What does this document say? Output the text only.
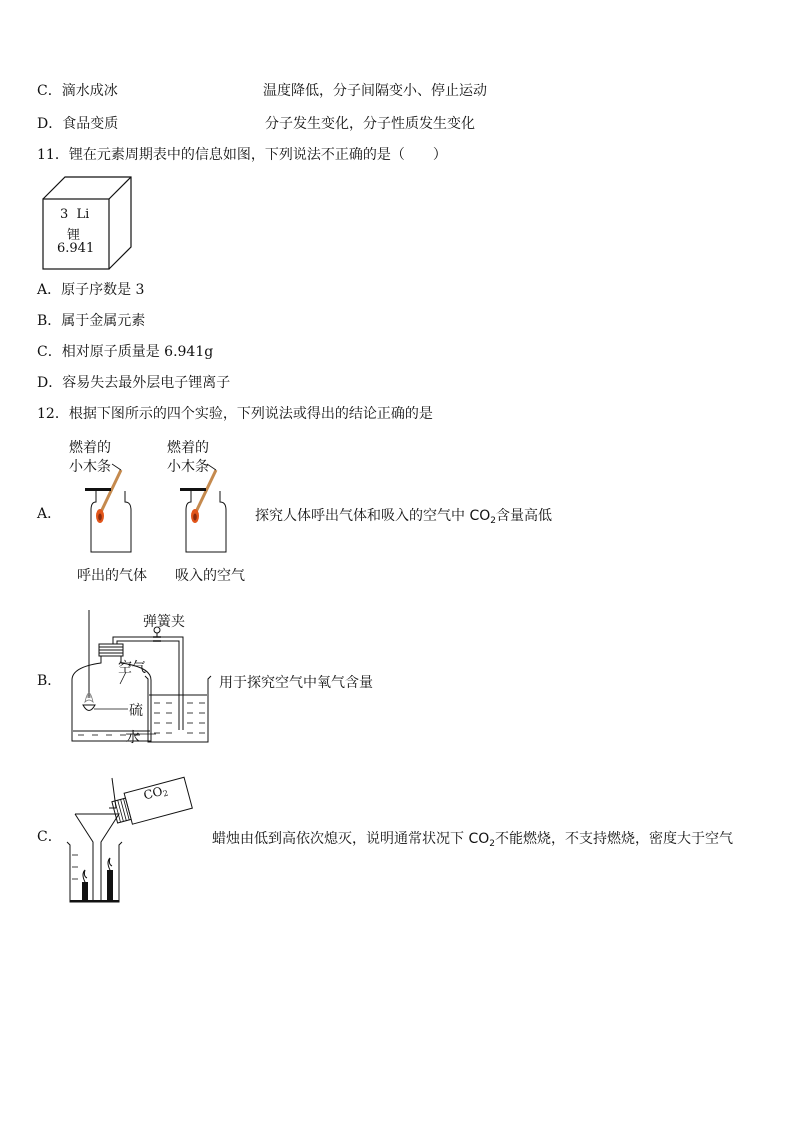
C．滴水成冰	温度降低，分子间隔变小、停止运动
D．食品变质	分子发生变化，分子性质发生变化
11．锂在元素周期表中的信息如图，下列说法不正确的是（　　）
3 Li
锂
6.941
A．原子序数是 3
B．属于金属元素
C．相对原子质量是 6.941g
D．容易失去最外层电子锂离子
12．根据下图所示的四个实验，下列说法或得出的结论正确的是
A．
燃着的
小木条
燃着的
小木条
呼出的气体 吸入的空气
探究人体呼出气体和吸入的空气中 $CO_2$含量高低
B．
弹簧夹
空气
硫
水
用于探究空气中氧气含量
C．
CO2
蜡烛由低到高依次熄灭，说明通常状况下 $CO_2$不能燃烧，不支持燃烧，密度大于空气
